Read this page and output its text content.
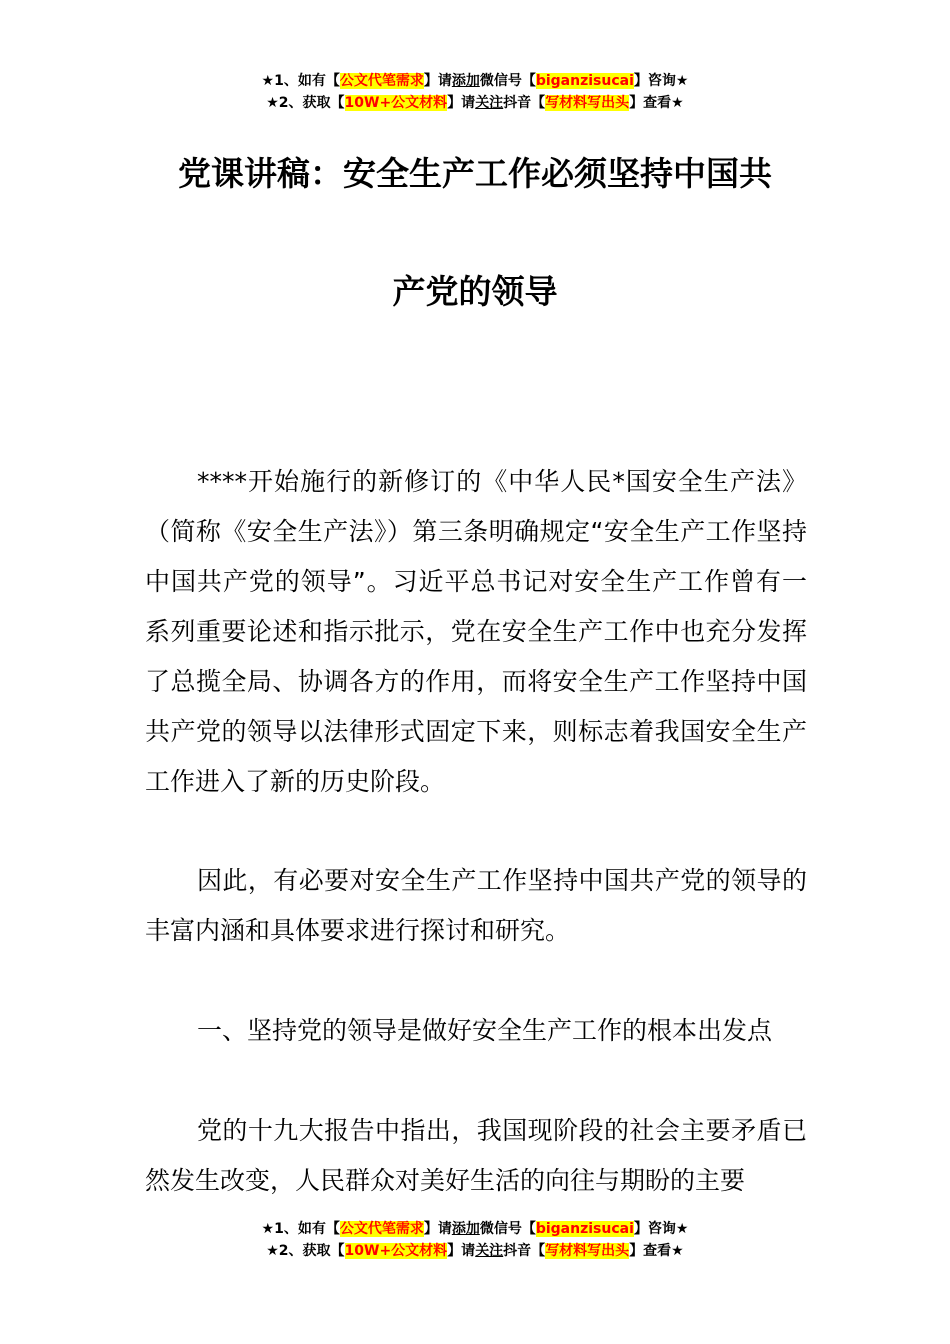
★1、如有【公文代笔需求】请添加微信号【biganzisucai】咨询★
★2、获取【10W+公文材料】请关注抖音【写材料写出头】查看★
党课讲稿：安全生产工作必须坚持中国共
产党的领导

****开始施行的新修订的《中华人民*国安全生产法》（简称《安全生产法》）第三条明确规定“安全生产工作坚持中国共产党的领导”。习近平总书记对安全生产工作曾有一系列重要论述和指示批示，党在安全生产工作中也充分发挥了总揽全局、协调各方的作用，而将安全生产工作坚持中国共产党的领导以法律形式固定下来，则标志着我国安全生产工作进入了新的历史阶段。

因此，有必要对安全生产工作坚持中国共产党的领导的丰富内涵和具体要求进行探讨和研究。

一、坚持党的领导是做好安全生产工作的根本出发点

党的十九大报告中指出，我国现阶段的社会主要矛盾已然发生改变，人民群众对美好生活的向往与期盼的主要

★1、如有【公文代笔需求】请添加微信号【biganzisucai】咨询★
★2、获取【10W+公文材料】请关注抖音【写材料写出头】查看★
